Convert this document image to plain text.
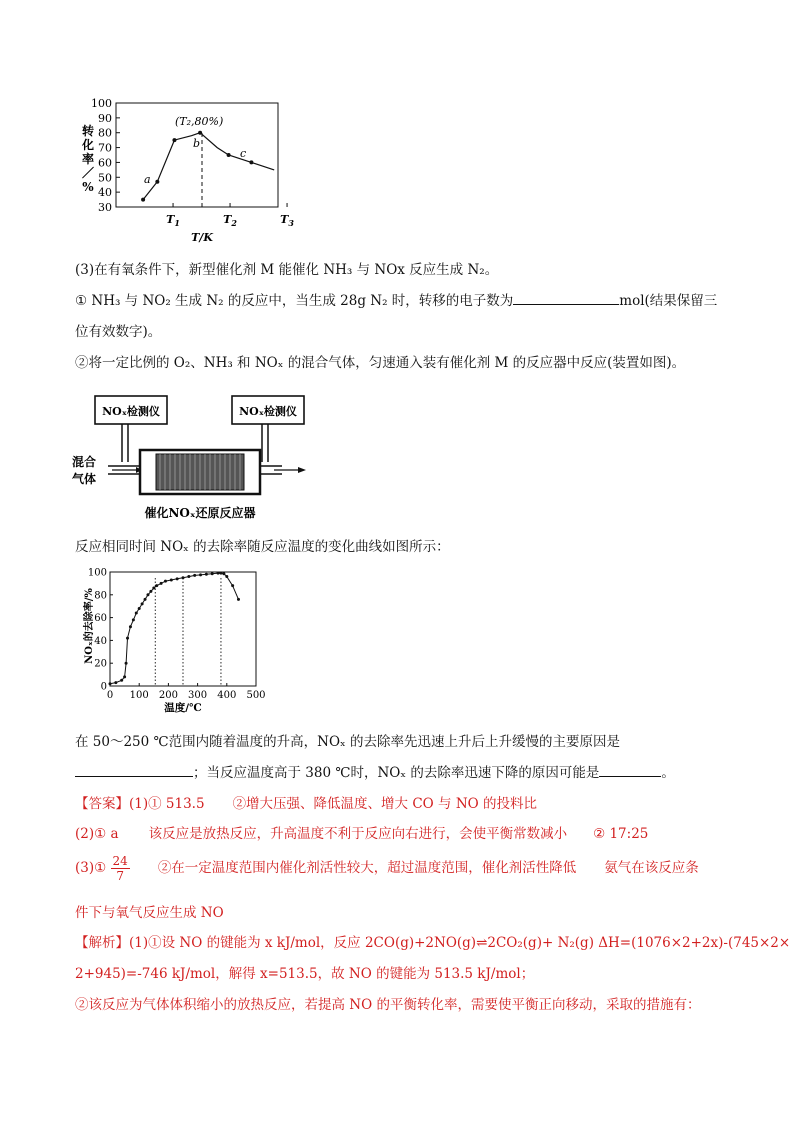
转化率／%
100
90
80
70
60
50
40
30
$T_1$	$T_2$	$T_3$
(T₂,80%)
a
b
c
T/K
(3)在有氧条件下，新型催化剂 M 能催化 NH₃ 与 NOx 反应生成 N₂。
① NH₃ 与 NO₂ 生成 N₂ 的反应中，当生成 28g N₂ 时，转移的电子数为	mol(结果保留三
位有效数字)。
②将一定比例的 O₂、NH₃ 和 NOₓ 的混合气体，匀速通入装有催化剂 M 的反应器中反应(装置如图)。
NOₓ检测仪	NOₓ检测仪
混合
气体
催化NOₓ还原反应器
反应相同时间 NOₓ 的去除率随反应温度的变化曲线如图所示：
NOₓ的去除率/%
0
20
40
60
80
100
0 100 200 300 400 500
温度/℃
在 50～250 ℃范围内随着温度的升高，NOₓ 的去除率先迅速上升后上升缓慢的主要原因是
；当反应温度高于 380 ℃时，NOₓ 的去除率迅速下降的原因可能是	。
【答案】(1)① 513.5 ②增大压强、降低温度、增大 CO 与 NO 的投料比
(2)① a 该反应是放热反应，升高温度不利于反应向右进行，会使平衡常数减小 ② 17:25
(3)① $\frac{24}{7}$ ②在一定温度范围内催化剂活性较大，超过温度范围，催化剂活性降低 氨气在该反应条
件下与氧气反应生成 NO
【解析】(1)①设 NO 的键能为 x kJ/mol，反应 2CO(g)+2NO(g)⇌2CO₂(g)+ N₂(g) ΔH=(1076×2+2x)-(745×2×
2+945)=-746 kJ/mol，解得 x=513.5，故 NO 的键能为 513.5 kJ/mol；
②该反应为气体体积缩小的放热反应，若提高 NO 的平衡转化率，需要使平衡正向移动，采取的措施有：
